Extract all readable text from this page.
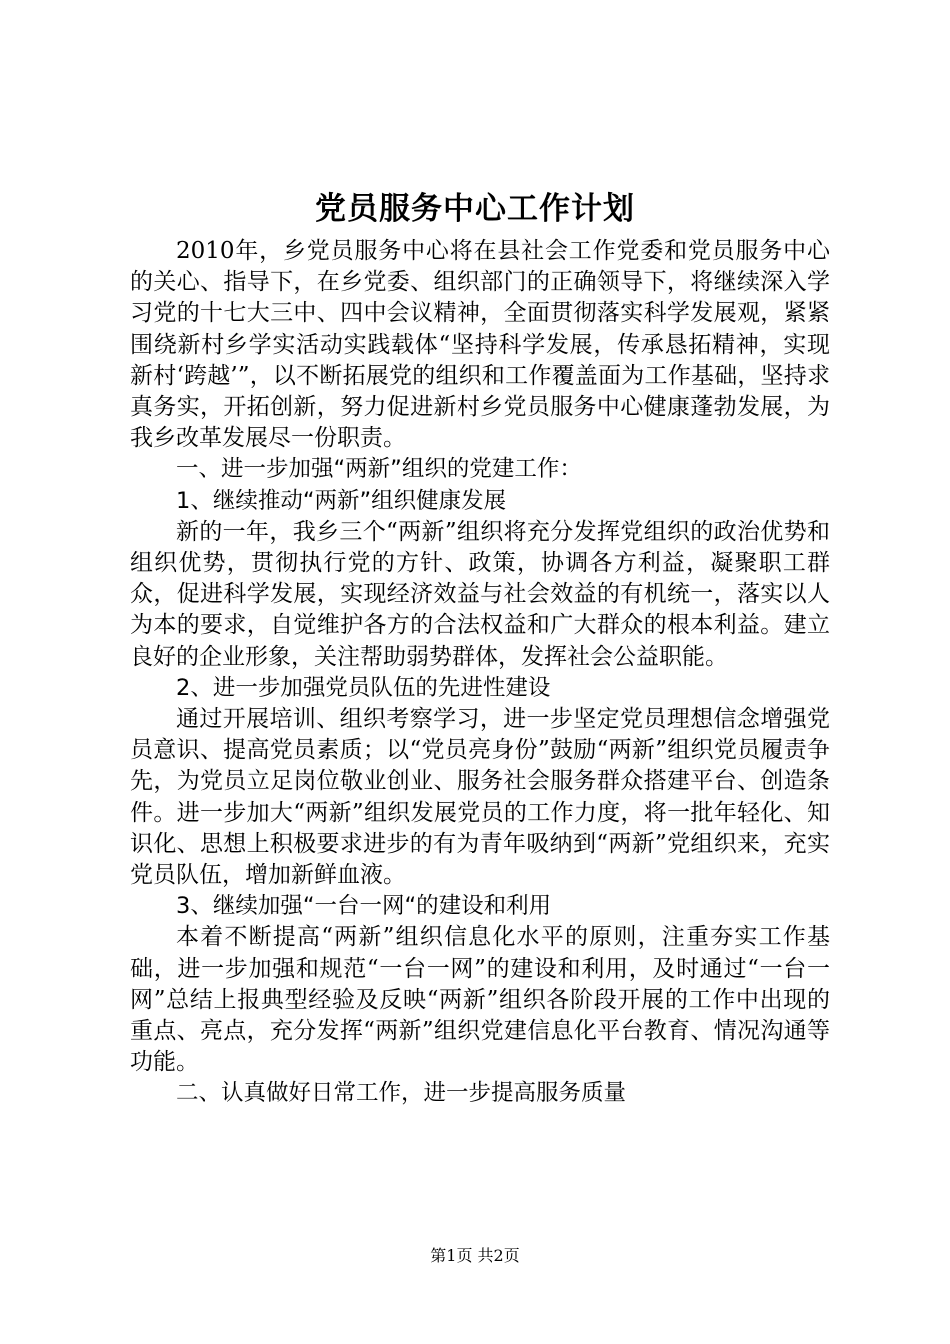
党员服务中心工作计划

2010年，乡党员服务中心将在县社会工作党委和党员服务中心的关心、指导下，在乡党委、组织部门的正确领导下，将继续深入学习党的十七大三中、四中会议精神，全面贯彻落实科学发展观，紧紧围绕新村乡学实活动实践载体“坚持科学发展，传承恳拓精神，实现新村‘跨越’”，以不断拓展党的组织和工作覆盖面为工作基础，坚持求真务实，开拓创新，努力促进新村乡党员服务中心健康蓬勃发展，为我乡改革发展尽一份职责。

一、进一步加强“两新”组织的党建工作：

1、继续推动“两新”组织健康发展

新的一年，我乡三个“两新”组织将充分发挥党组织的政治优势和组织优势，贯彻执行党的方针、政策，协调各方利益，凝聚职工群众，促进科学发展，实现经济效益与社会效益的有机统一，落实以人为本的要求，自觉维护各方的合法权益和广大群众的根本利益。建立良好的企业形象，关注帮助弱势群体，发挥社会公益职能。

2、进一步加强党员队伍的先进性建设

通过开展培训、组织考察学习，进一步坚定党员理想信念增强党员意识、提高党员素质；以“党员亮身份”鼓励“两新”组织党员履责争先，为党员立足岗位敬业创业、服务社会服务群众搭建平台、创造条件。进一步加大“两新”组织发展党员的工作力度，将一批年轻化、知识化、思想上积极要求进步的有为青年吸纳到“两新”党组织来，充实党员队伍，增加新鲜血液。

3、继续加强“一台一网“的建设和利用

本着不断提高“两新”组织信息化水平的原则，注重夯实工作基础，进一步加强和规范“一台一网”的建设和利用，及时通过“一台一网”总结上报典型经验及反映“两新”组织各阶段开展的工作中出现的重点、亮点，充分发挥“两新”组织党建信息化平台教育、情况沟通等功能。

二、认真做好日常工作，进一步提高服务质量

第1页 共2页
